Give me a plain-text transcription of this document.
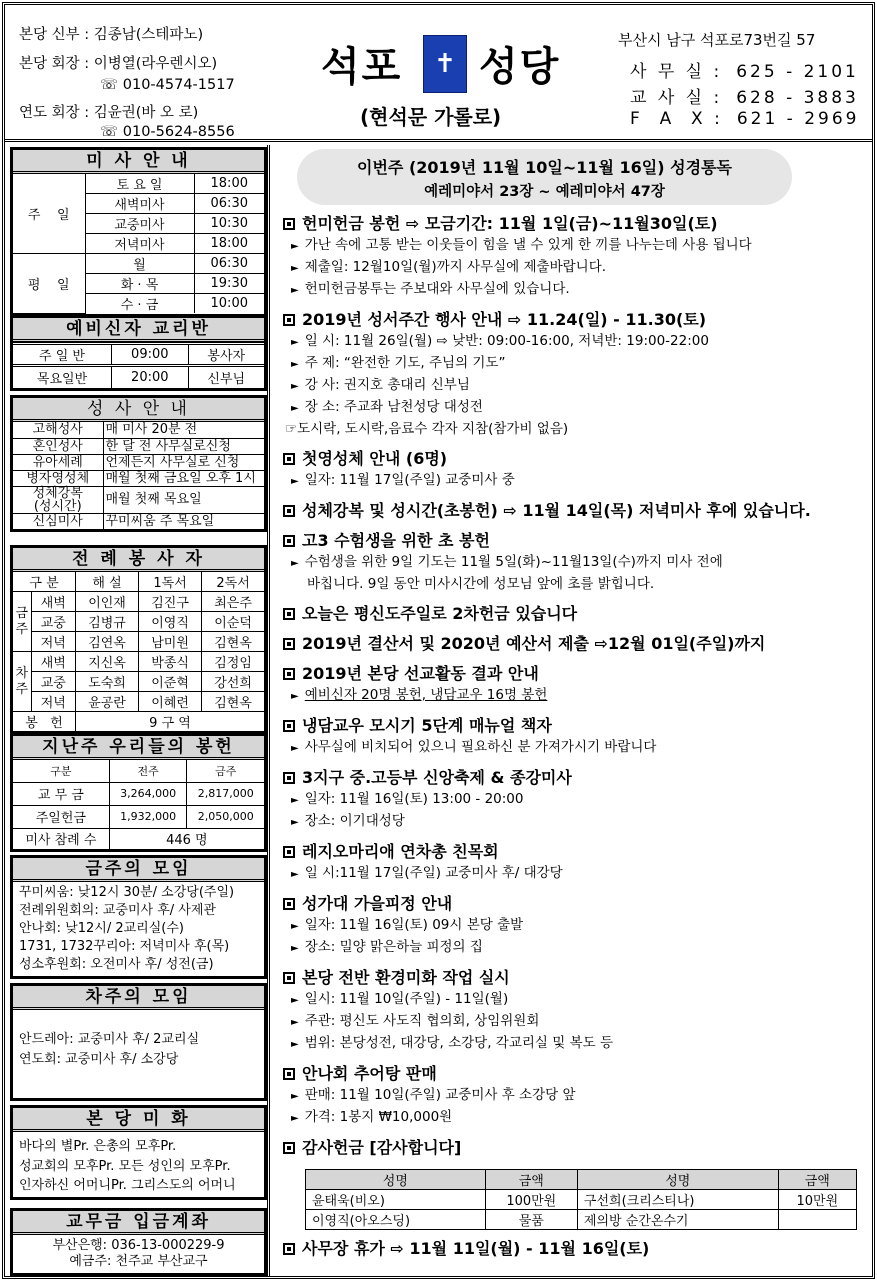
본당 신부 : 김종남(스테파노)
본당 회장 : 이병열(라우렌시오)
☏ 010-4574-1517
연도 회장 : 김윤권(바 오 로)
☏ 010-5624-8556
석포 성당
✝
(현석문 가롤로)
부산시 남구 석포로73번길 57
사 무 실 : 625 - 2101
교 사 실 : 628 - 3883
F  A  X : 621 - 2969
미 사 안 내
주    일	토 요 일	18:00
	새벽미사	06:30
	교중미사	10:30
	저녁미사	18:00
평    일	월	06:30
	화 · 목	19:30
	수 · 금	10:00
예비신자 교리반
주 일 반	09:00	봉사자
목요일반	20:00	신부님
성 사 안 내
고해성사	매 미사 20분 전
혼인성사	한 달 전 사무실로신청
유아세례	언제든지 사무실로 신청
병자영성체	매월 첫째 금요일 오후 1시
성체강복
(성시간)	매월 첫째 목요일
신심미사	꾸미씨움 주 목요일
전 례 봉 사 자
구 분		해 설	1독서	2독서
금주	새벽	이인재	김진구	최은주
	교중	김병규	이영직	이순덕
	저녁	김연옥	남미원	김현옥
차주	새벽	지신옥	박종식	김정임
	교중	도숙희	이준혁	강선희
	저녁	윤공란	이혜련	김현옥
봉   헌		9 구 역		
지난주 우리들의 봉헌
구분	전주	금주
교 무 금	3,264,000	2,817,000
주일헌금	1,932,000	2,050,000
미사 참례 수	446 명	
금주의 모임
꾸미씨움: 낮12시 30분/ 소강당(주일)
전례위원회의: 교중미사 후/ 사제관
안나회: 낮12시/ 2교리실(수)
1731, 1732꾸리아: 저녁미사 후(목)
성소후원회: 오전미사 후/ 성전(금)
차주의 모임
안드레아: 교중미사 후/ 2교리실
연도회: 교중미사 후/ 소강당
본 당 미 화
바다의 별Pr. 은총의 모후Pr.
성교회의 모후Pr. 모든 성인의 모후Pr.
인자하신 어머니Pr. 그리스도의 어머니
교무금 입금계좌
부산은행: 036-13-000229-9
예금주: 천주교 부산교구
이번주 (2019년 11월 10일~11월 16일) 성경통독
예레미야서 23장 ~ 예레미야서 47장
헌미헌금 봉헌 ⇨ 모금기간: 11월 1일(금)~11월30일(토)
► 가난 속에 고통 받는 이웃들이 힘을 낼 수 있게 한 끼를 나누는데 사용 됩니다
► 제출일: 12월10일(월)까지 사무실에 제출바랍니다.
► 헌미헌금봉투는 주보대와 사무실에 있습니다.
2019년 성서주간 행사 안내 ⇨ 11.24(일) - 11.30(토)
► 일 시: 11월 26일(월) ⇨ 낮반: 09:00-16:00, 저녁반: 19:00-22:00
► 주 제: “완전한 기도, 주님의 기도”
► 강 사: 권지호 총대리 신부님
► 장 소: 주교좌 남천성당 대성전
☞도시락, 도시락,음료수 각자 지참(참가비 없음)
첫영성체 안내 (6명)
► 일자: 11월 17일(주일) 교중미사 중
성체강복 및 성시간(초봉헌) ⇨ 11월 14일(목) 저녁미사 후에 있습니다.
고3 수험생을 위한 초 봉헌
► 수험생을 위한 9일 기도는 11월 5일(화)~11월13일(수)까지 미사 전에
바칩니다. 9일 동안 미사시간에 성모님 앞에 초를 밝힙니다.
오늘은 평신도주일로 2차헌금 있습니다
2019년 결산서 및 2020년 예산서 제출 ⇨12월 01일(주일)까지
2019년 본당 선교활동 결과 안내
► 예비신자 20명 봉헌, 냉담교우 16명 봉헌
냉담교우 모시기 5단계 매뉴얼 책자
► 사무실에 비치되어 있으니 필요하신 분 가져가시기 바랍니다
3지구 중.고등부 신앙축제 & 종강미사
► 일자: 11월 16일(토) 13:00 - 20:00
► 장소: 이기대성당
레지오마리애 연차총 친목회
► 일 시:11월 17일(주일) 교중미사 후/ 대강당
성가대 가을피정 안내
► 일자: 11월 16일(토) 09시 본당 출발
► 장소: 밀양 맑은하늘 피정의 집
본당 전반 환경미화 작업 실시
► 일시: 11월 10일(주일) - 11일(월)
► 주관: 평신도 사도직 협의회, 상임위원회
► 범위: 본당성전, 대강당, 소강당, 각교리실 및 복도 등
안나회 추어탕 판매
► 판매: 11월 10일(주일) 교중미사 후 소강당 앞
► 가격: 1봉지 ₩10,000원
감사헌금 [감사합니다]
성명	금액	성명	금액
윤태욱(비오)	100만원	구선희(크리스티나)	10만원
이영직(아오스딩)	물품	제의방 순간온수기	
사무장 휴가 ⇨ 11월 11일(월) - 11월 16일(토)
